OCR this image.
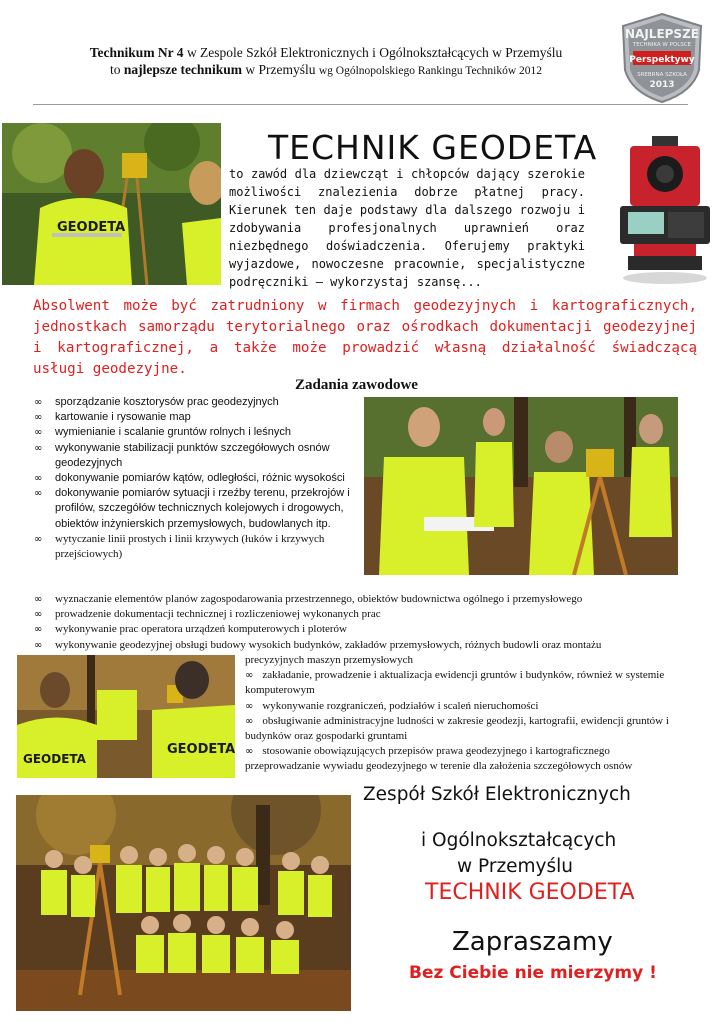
Technikum Nr 4 w Zespole Szkół Elektronicznych i Ogólnokształcących w Przemyślu
to najlepsze technikum w Przemyślu wg Ogólnopolskiego Rankingu Techników 2012
NAJLEPSZE
TECHNIKA W POLSCE
Perspektywy
SREBRNA SZKOŁA
2013
GEODETA
TECHNIK GEODETA
to zawód dla dziewcząt i chłopców dający szerokie możliwości znalezienia dobrze płatnej pracy. Kierunek ten daje podstawy dla dalszego rozwoju i zdobywania profesjonalnych uprawnień oraz niezbędnego doświadczenia. Oferujemy praktyki wyjazdowe, nowoczesne pracownie, specjalistyczne podręczniki – wykorzystaj szansę...
Absolwent może być zatrudniony w firmach geodezyjnych i kartograficznych, jednostkach samorządu terytorialnego oraz ośrodkach dokumentacji geodezyjnej i kartograficznej, a także może prowadzić własną działalność świadczącą usługi geodezyjne.
Zadania zawodowe
∞ sporządzanie kosztorysów prac geodezyjnych
∞ kartowanie i rysowanie map
∞ wymienianie i scalanie gruntów rolnych i leśnych
∞ wykonywanie stabilizacji punktów szczegółowych osnów geodezyjnych
∞ dokonywanie pomiarów kątów, odległości, różnic wysokości
∞ dokonywanie pomiarów sytuacji i rzeźby terenu, przekrojów i profilów, szczegółów technicznych kolejowych i drogowych, obiektów inżynierskich przemysłowych, budowlanych itp.
∞ wytyczanie linii prostych i linii krzywych (łuków i krzywych przejściowych)
∞ wyznaczanie elementów planów zagospodarowania przestrzennego, obiektów budownictwa ogólnego i przemysłowego
∞ prowadzenie dokumentacji technicznej i rozliczeniowej wykonanych prac
∞ wykonywanie prac operatora urządzeń komputerowych i ploterów
∞ wykonywanie geodezyjnej obsługi budowy wysokich budynków, zakładów przemysłowych, różnych budowli oraz montażu
GEODETA
GEODETA
precyzyjnych maszyn przemysłowych
∞ zakładanie, prowadzenie i aktualizacja ewidencji gruntów i budynków, również w systemie komputerowym
∞ wykonywanie rozgraniczeń, podziałów i scaleń nieruchomości
∞ obsługiwanie administracyjne ludności w zakresie geodezji, kartografii, ewidencji gruntów i budynków oraz gospodarki gruntami
∞ stosowanie obowiązujących przepisów prawa geodezyjnego i kartograficznego przeprowadzanie wywiadu geodezyjnego w terenie dla założenia szczegółowych osnów
Zespół Szkół Elektronicznych
i Ogólnokształcących
w Przemyślu
TECHNIK GEODETA
Zapraszamy
Bez Ciebie nie mierzymy !
